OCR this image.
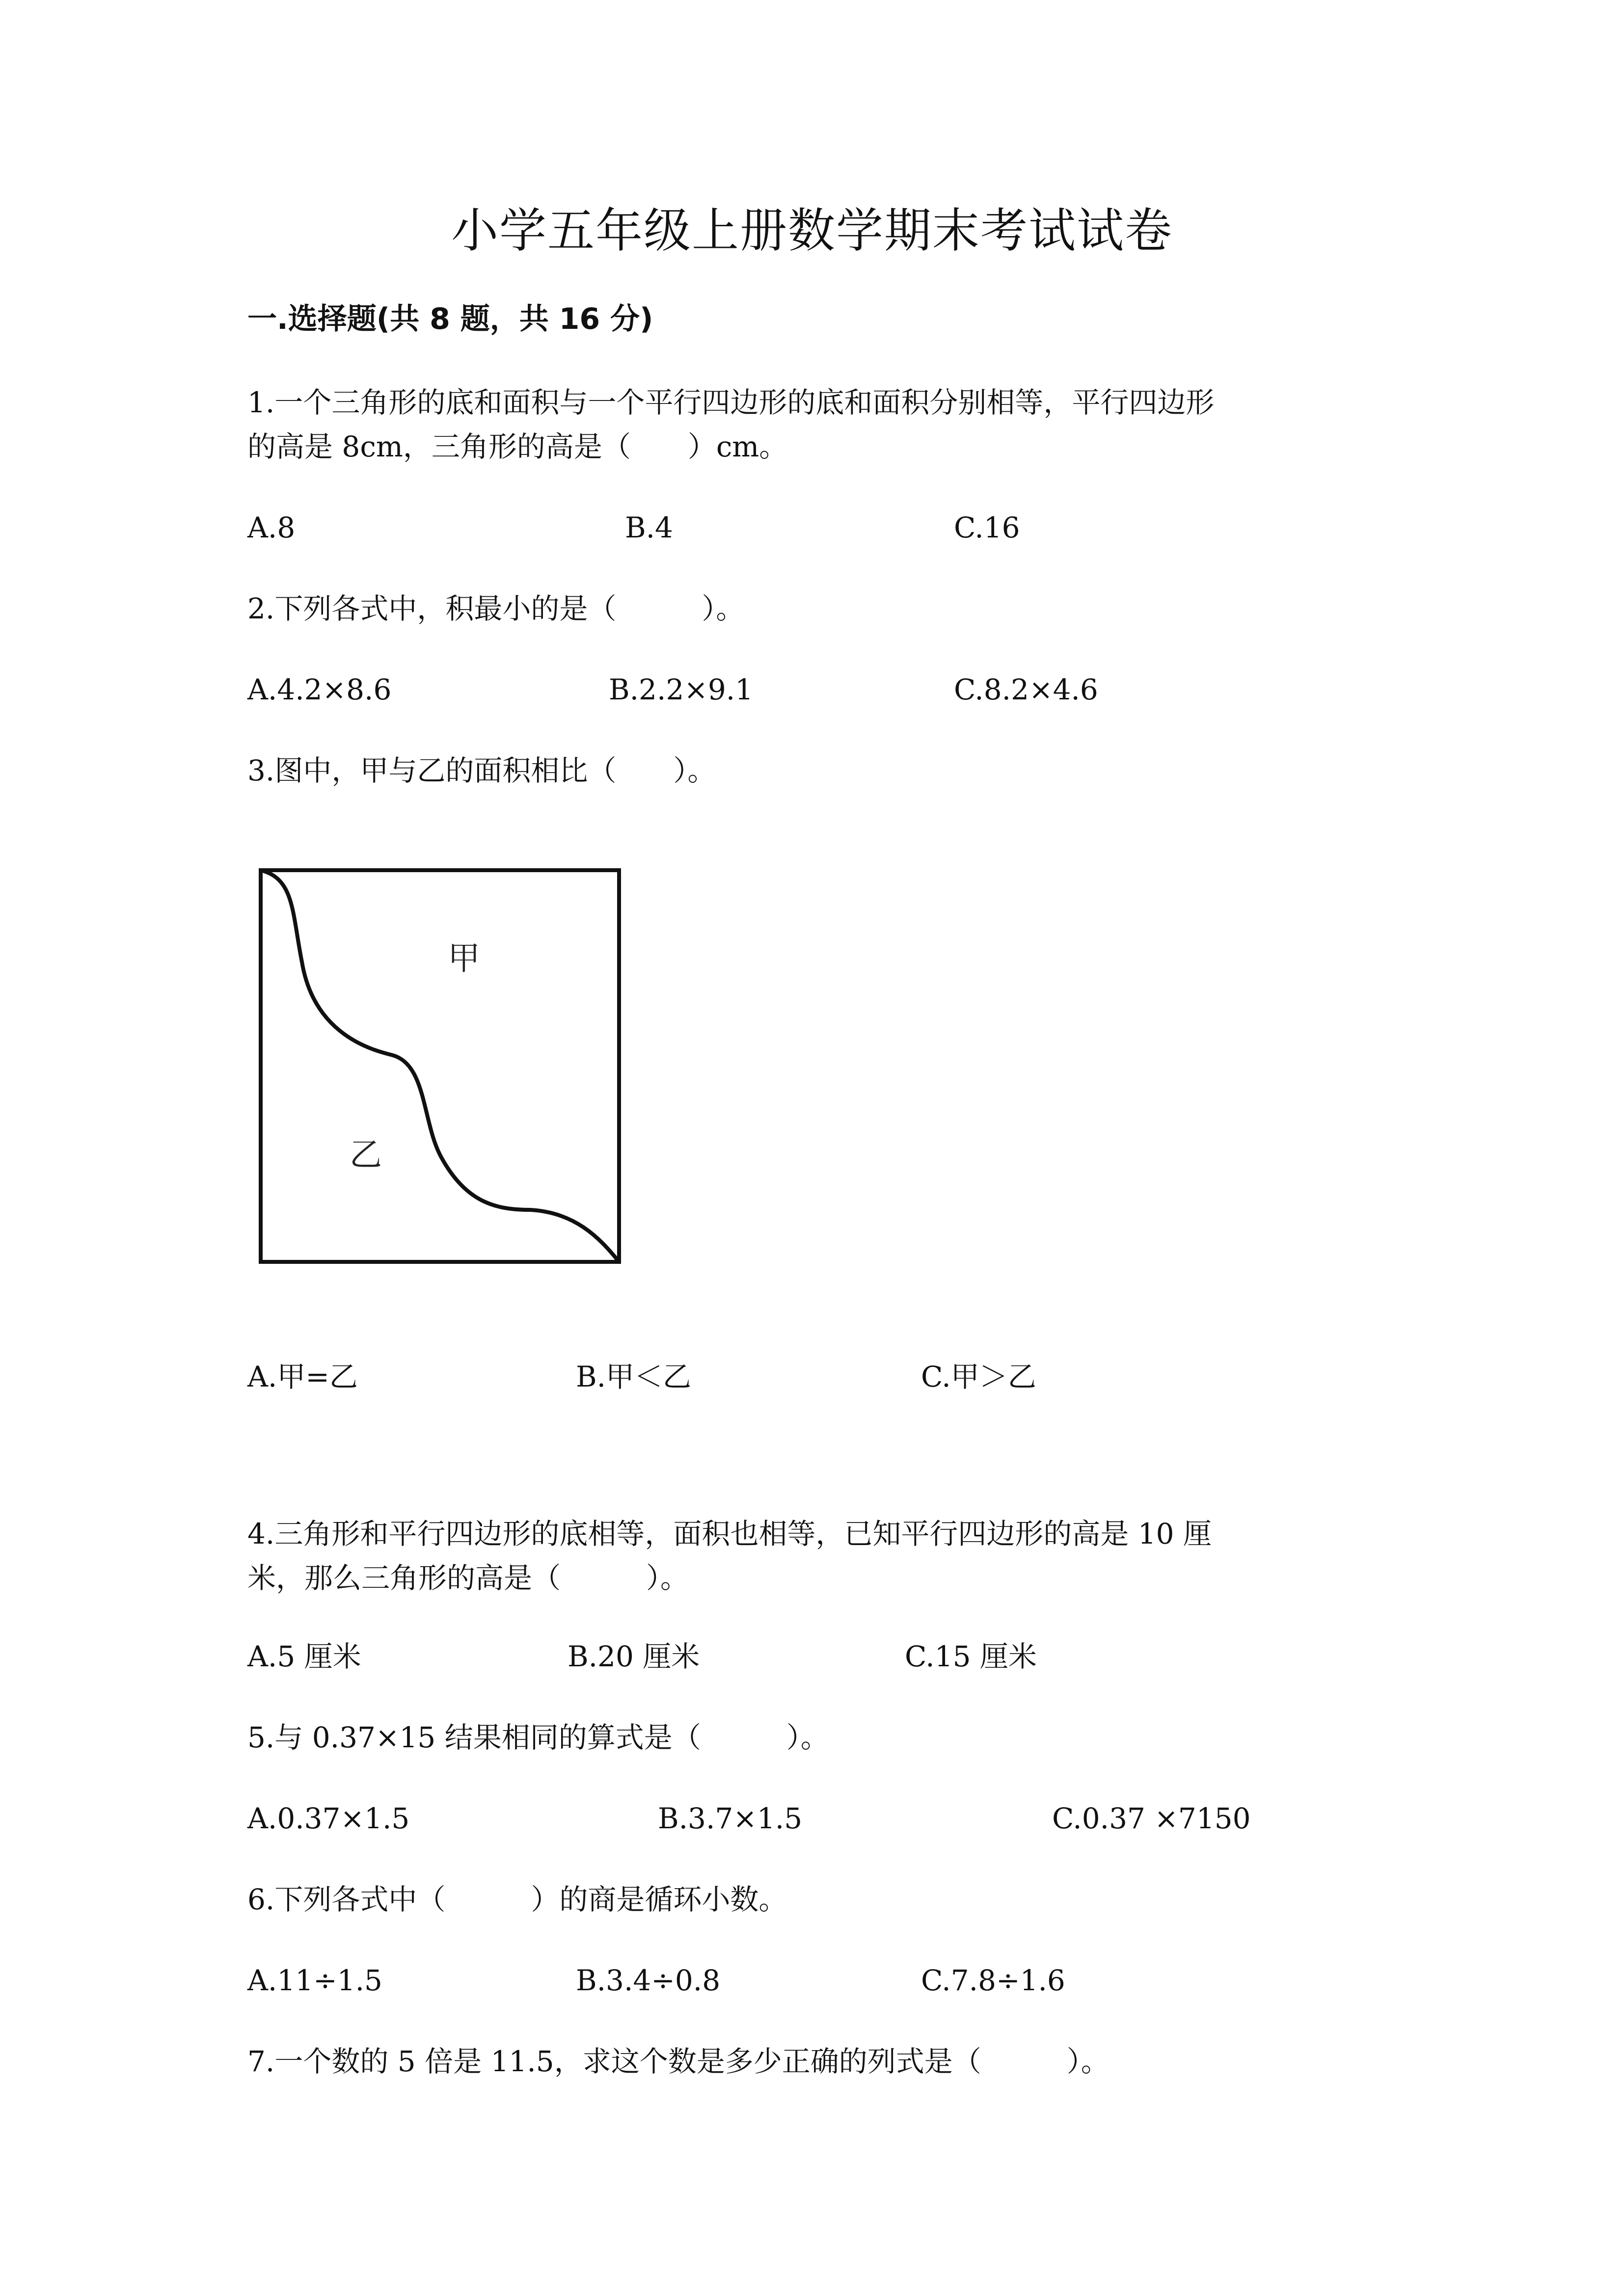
小学五年级上册数学期末考试试卷
一.选择题(共 8 题，共 16 分)
1.一个三角形的底和面积与一个平行四边形的底和面积分别相等，平行四边形
的高是 8cm，三角形的高是（　　）cm。
A.8	B.4	C.16
2.下列各式中，积最小的是（　　　）。
A.4.2×8.6	B.2.2×9.1	C.8.2×4.6
3.图中，甲与乙的面积相比（　　）。
甲
乙
A.甲=乙	B.甲＜乙	C.甲＞乙
4.三角形和平行四边形的底相等，面积也相等，已知平行四边形的高是 10 厘
米，那么三角形的高是（　　　）。
A.5 厘米	B.20 厘米	C.15 厘米
5.与 0.37×15 结果相同的算式是（　　　）。
A.0.37×1.5	B.3.7×1.5	C.0.37 ×7150
6.下列各式中（　　　）的商是循环小数。
A.11÷1.5	B.3.4÷0.8	C.7.8÷1.6
7.一个数的 5 倍是 11.5，求这个数是多少正确的列式是（　　　）。
